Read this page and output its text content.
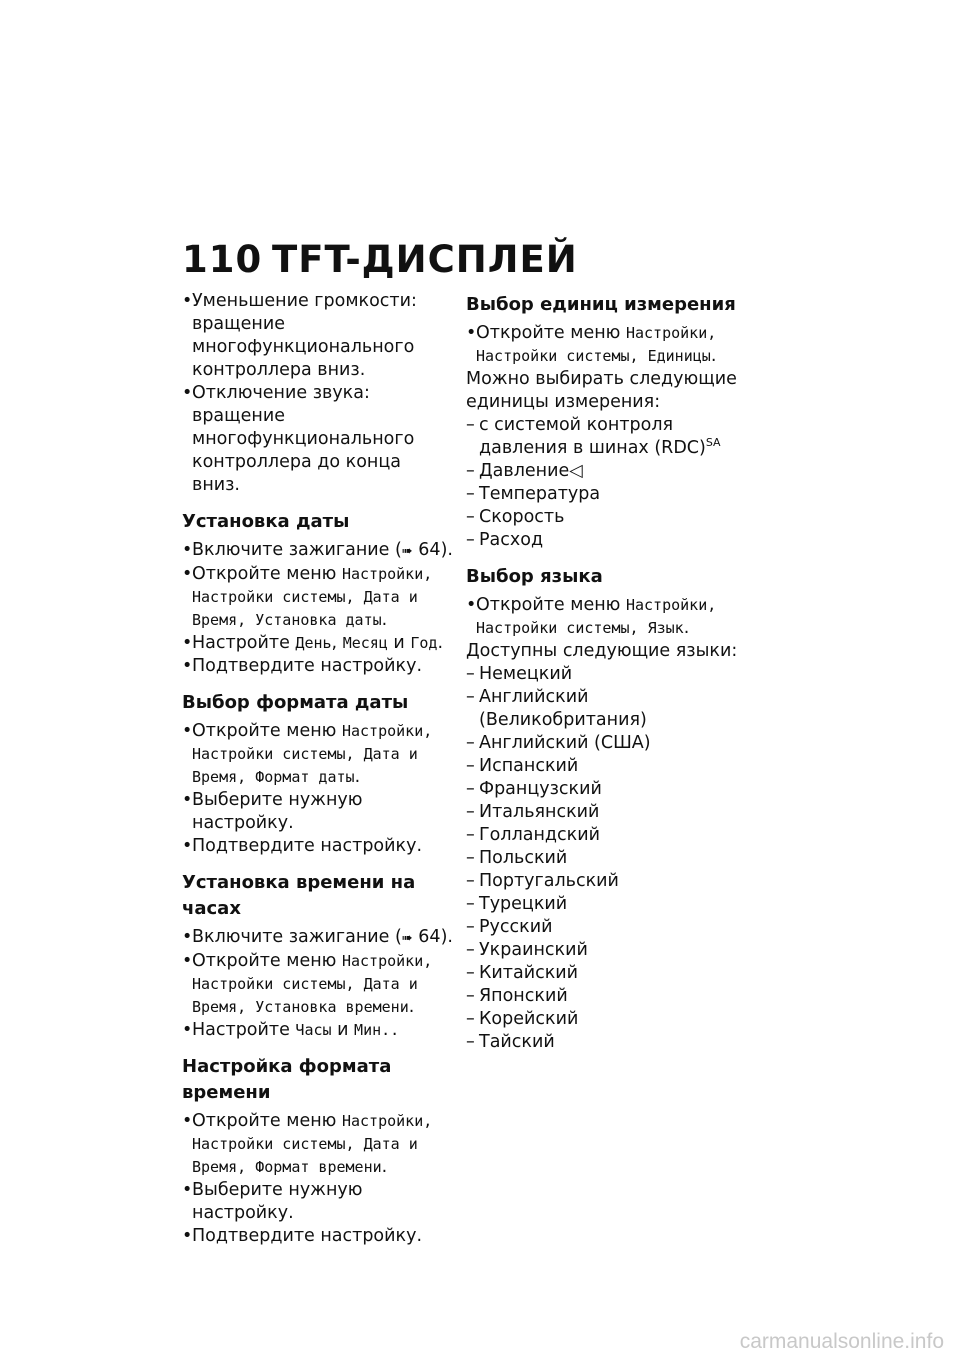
110 TFT-ДИСПЛЕЙ
• Уменьшение громкости: вращение многофункционального контроллера вниз.
• Отключение звука: вращение многофункционального контроллера до конца вниз.
Установка даты
• Включите зажигание (➠ 64).
• Откройте меню Настройки, Настройки системы, Дата и Время, Установка даты.
• Настройте День, Месяц и Год.
• Подтвердите настройку.
Выбор формата даты
• Откройте меню Настройки, Настройки системы, Дата и Время, Формат даты.
• Выберите нужную настройку.
• Подтвердите настройку.
Установка времени на часах
• Включите зажигание (➠ 64).
• Откройте меню Настройки, Настройки системы, Дата и Время, Установка времени.
• Настройте Часы и Мин..
Настройка формата времени
• Откройте меню Настройки, Настройки системы, Дата и Время, Формат времени.
• Выберите нужную настройку.
• Подтвердите настройку.
Выбор единиц измерения
• Откройте меню Настройки, Настройки системы, Единицы.
Можно выбирать следующие единицы измерения:
– с системой контроля давления в шинах (RDC)$^{SA}$
– Давление◁
– Температура
– Скорость
– Расход
Выбор языка
• Откройте меню Настройки, Настройки системы, Язык.
Доступны следующие языки:
– Немецкий
– Английский (Великобритания)
– Английский (США)
– Испанский
– Французский
– Итальянский
– Голландский
– Польский
– Португальский
– Турецкий
– Русский
– Украинский
– Китайский
– Японский
– Корейский
– Тайский
carmanualsonline.info
